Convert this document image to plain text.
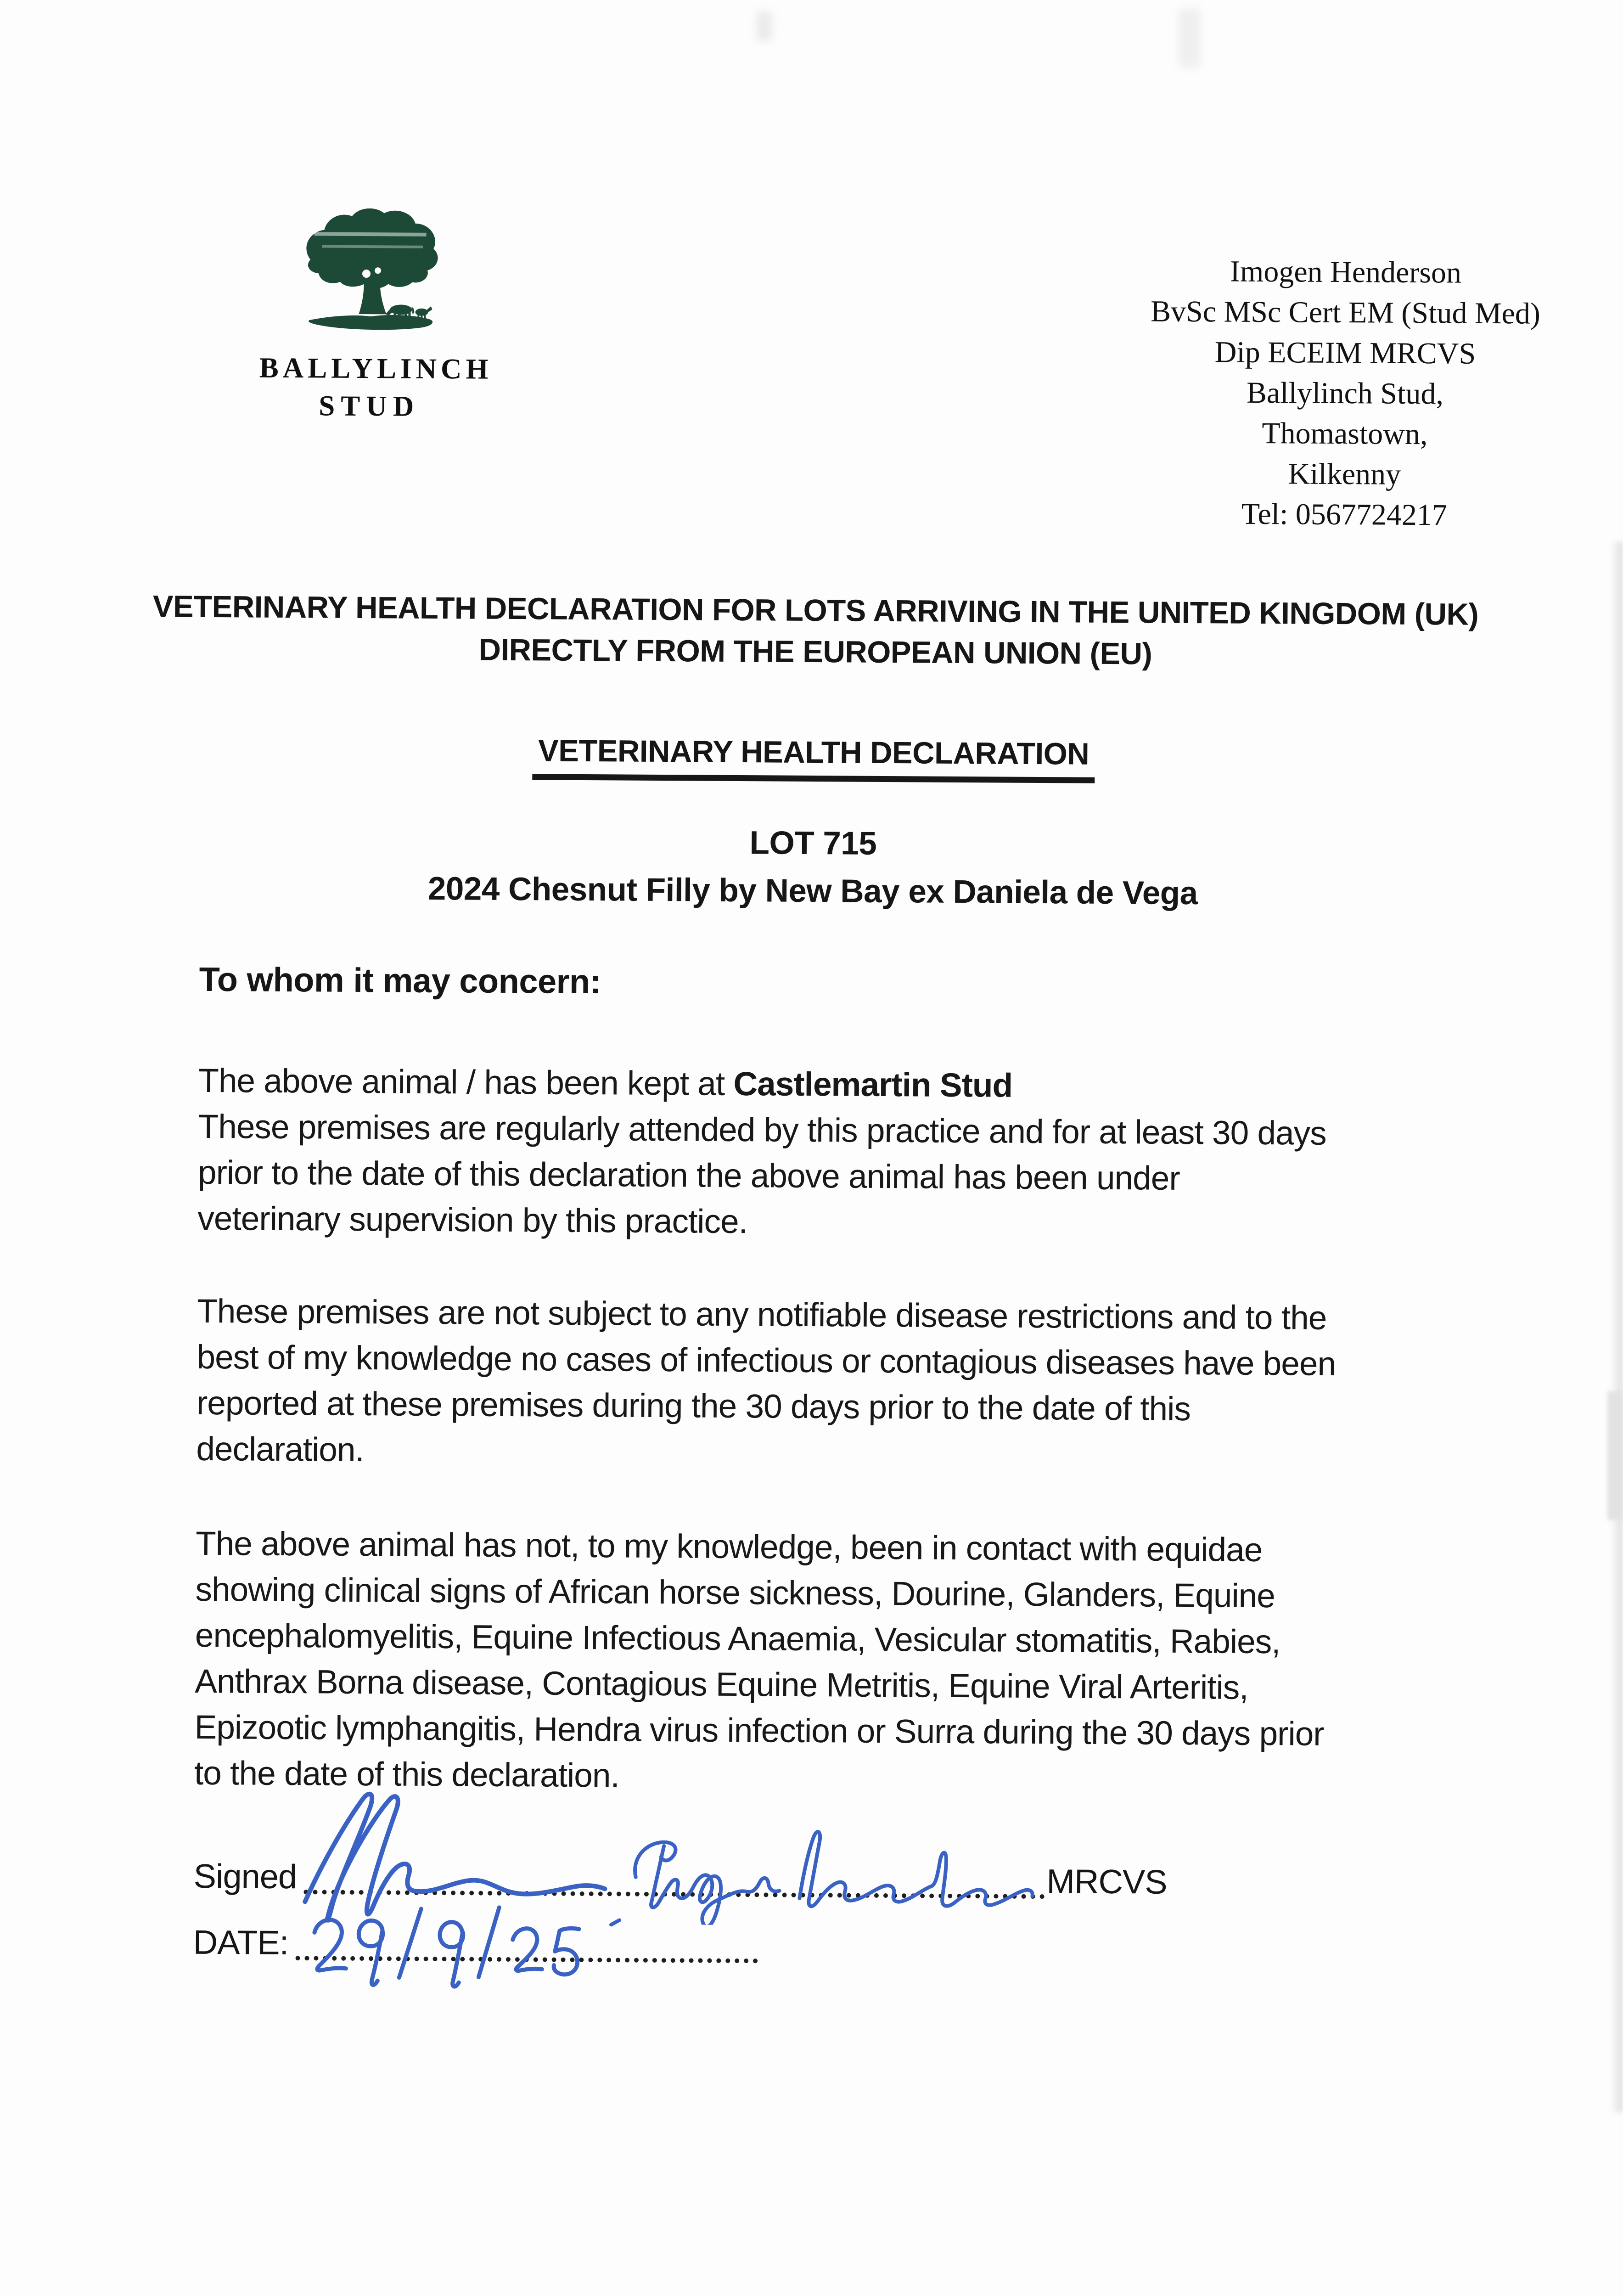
BALLYLINCH
STUD
Imogen Henderson
BvSc MSc Cert EM (Stud Med)
Dip ECEIM MRCVS
Ballylinch Stud,
Thomastown,
Kilkenny
Tel: 0567724217
VETERINARY HEALTH DECLARATION FOR LOTS ARRIVING IN THE UNITED KINGDOM (UK) DIRECTLY FROM THE EUROPEAN UNION (EU)
VETERINARY HEALTH DECLARATION
LOT 715
2024 Chesnut Filly by New Bay ex Daniela de Vega
To whom it may concern:
The above animal / has been kept at Castlemartin Stud
These premises are regularly attended by this practice and for at least 30 days
prior to the date of this declaration the above animal has been under
veterinary supervision by this practice.
These premises are not subject to any notifiable disease restrictions and to the
best of my knowledge no cases of infectious or contagious diseases have been
reported at these premises during the 30 days prior to the date of this
declaration.
The above animal has not, to my knowledge, been in contact with equidae
showing clinical signs of African horse sickness, Dourine, Glanders, Equine
encephalomyelitis, Equine Infectious Anaemia, Vesicular stomatitis, Rabies,
Anthrax Borna disease, Contagious Equine Metritis, Equine Viral Arteritis,
Epizootic lymphangitis, Hendra virus infection or Surra during the 30 days prior
to the date of this declaration.
Signed	MRCVS
DATE:
